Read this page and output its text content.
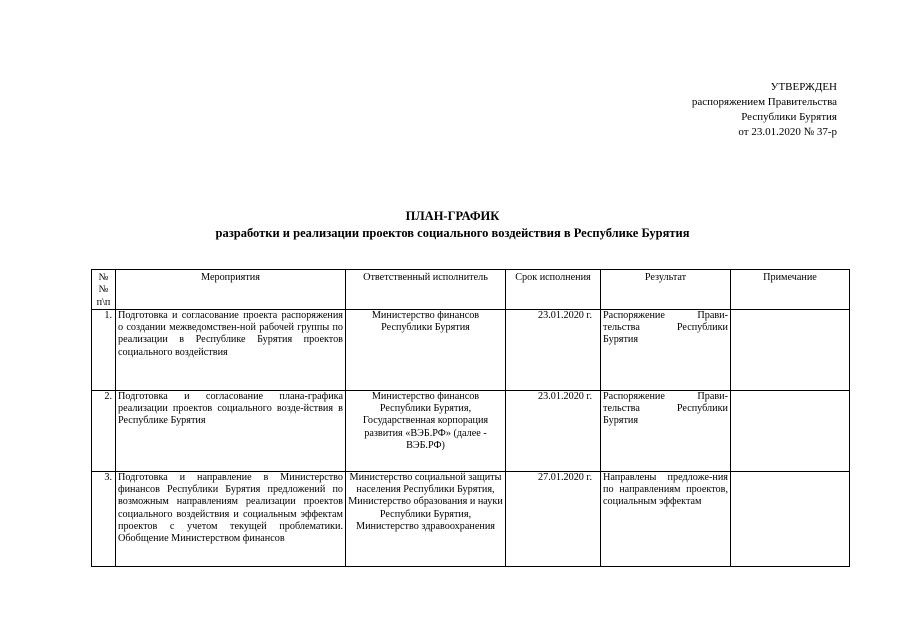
УТВЕРЖДЕН
распоряжением Правительства
Республики Бурятия
от 23.01.2020 № 37-р
ПЛАН-ГРАФИК
разработки и реализации проектов социального воздействия в Республике Бурятия
№№ п\п	Мероприятия	Ответственный исполнитель	Срок исполнения	Результат	Примечание
1.	Подготовка и согласование проекта распоряжения о создании межведомствен-ной рабочей группы по реализации в Республике Бурятия проектов социального воздействия	Министерство финансов Республики Бурятия	23.01.2020 г.	Распоряжение Прави-тельства Республики Бурятия	
2.	Подготовка и согласование плана-графика реализации проектов социального возде-йствия в Республике Бурятия	Министерство финансов Республики Бурятия, Государственная корпорация развития «ВЭБ.РФ» (далее - ВЭБ.РФ)	23.01.2020 г.	Распоряжение Прави-тельства Республики Бурятия	
3.	Подготовка и направление в Министерство финансов Республики Бурятия предложений по возможным направлениям реализации проектов социального воздействия и социальным эффектам проектов с учетом текущей проблематики. Обобщение Министерством финансов	Министерство социальной защиты населения Республики Бурятия, Министерство образования и науки Республики Бурятия, Министерство здравоохранения	27.01.2020 г.	Направлены предложе-ния по направлениям проектов, социальным эффектам	
